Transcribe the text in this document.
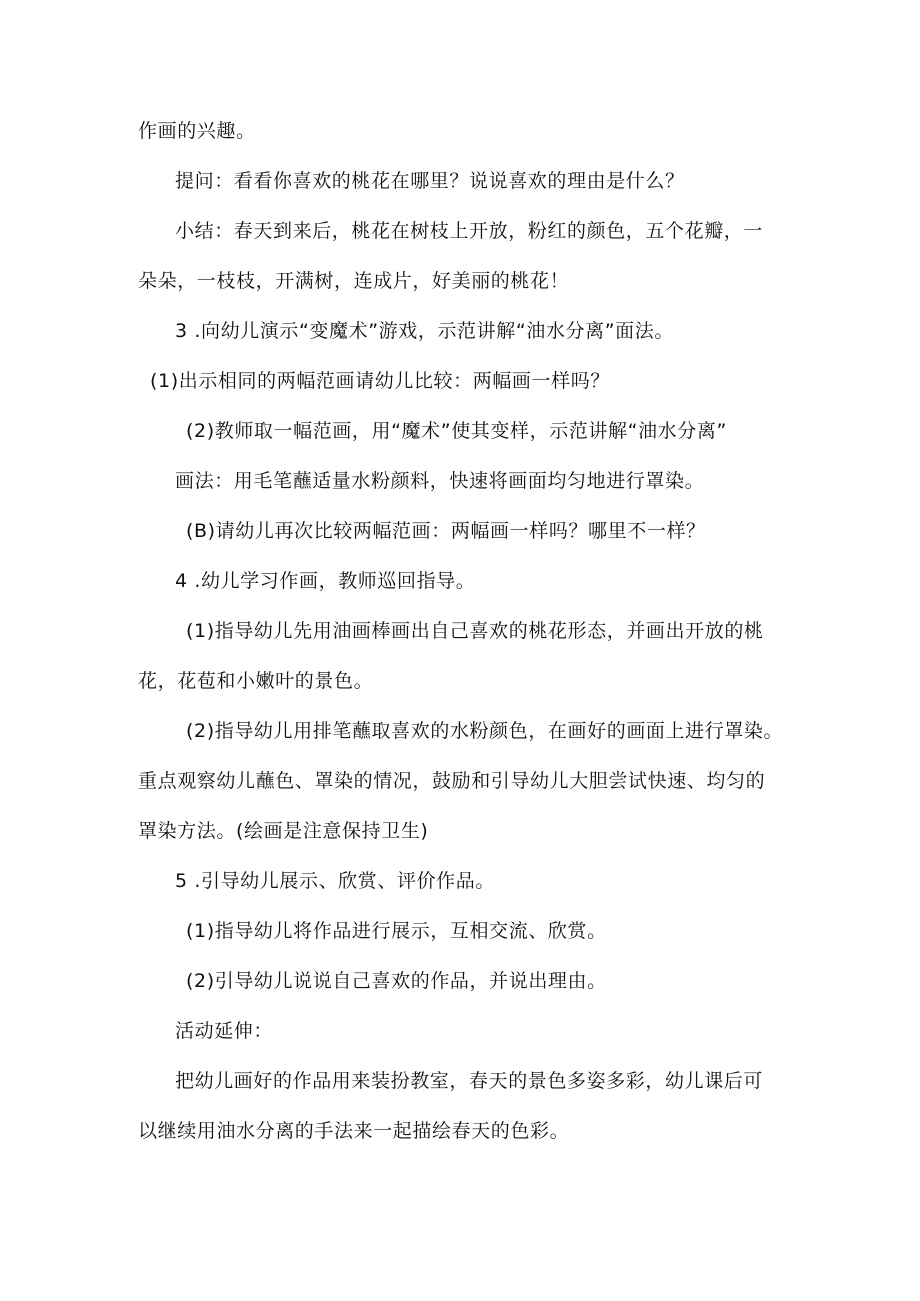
作画的兴趣。
提问：看看你喜欢的桃花在哪里？说说喜欢的理由是什么？
小结：春天到来后，桃花在树枝上开放，粉红的颜色，五个花瓣，一
朵朵，一枝枝，开满树，连成片，好美丽的桃花！
3 .向幼儿演示“变魔术”游戏，示范讲解“油水分离”面法。
(1)出示相同的两幅范画请幼儿比较：两幅画一样吗？
(2)教师取一幅范画，用“魔术”使其变样，示范讲解“油水分离”
画法：用毛笔蘸适量水粉颜料，快速将画面均匀地进行罩染。
(B)请幼儿再次比较两幅范画：两幅画一样吗？哪里不一样？
4 .幼儿学习作画，教师巡回指导。
(1)指导幼儿先用油画棒画出自己喜欢的桃花形态，并画出开放的桃
花，花苞和小嫩叶的景色。
(2)指导幼儿用排笔蘸取喜欢的水粉颜色，在画好的画面上进行罩染。
重点观察幼儿蘸色、罩染的情况，鼓励和引导幼儿大胆尝试快速、均匀的
罩染方法。(绘画是注意保持卫生)
5 .引导幼儿展示、欣赏、评价作品。
(1)指导幼儿将作品进行展示，互相交流、欣赏。
(2)引导幼儿说说自己喜欢的作品，并说出理由。
活动延伸：
把幼儿画好的作品用来装扮教室，春天的景色多姿多彩，幼儿课后可
以继续用油水分离的手法来一起描绘春天的色彩。
